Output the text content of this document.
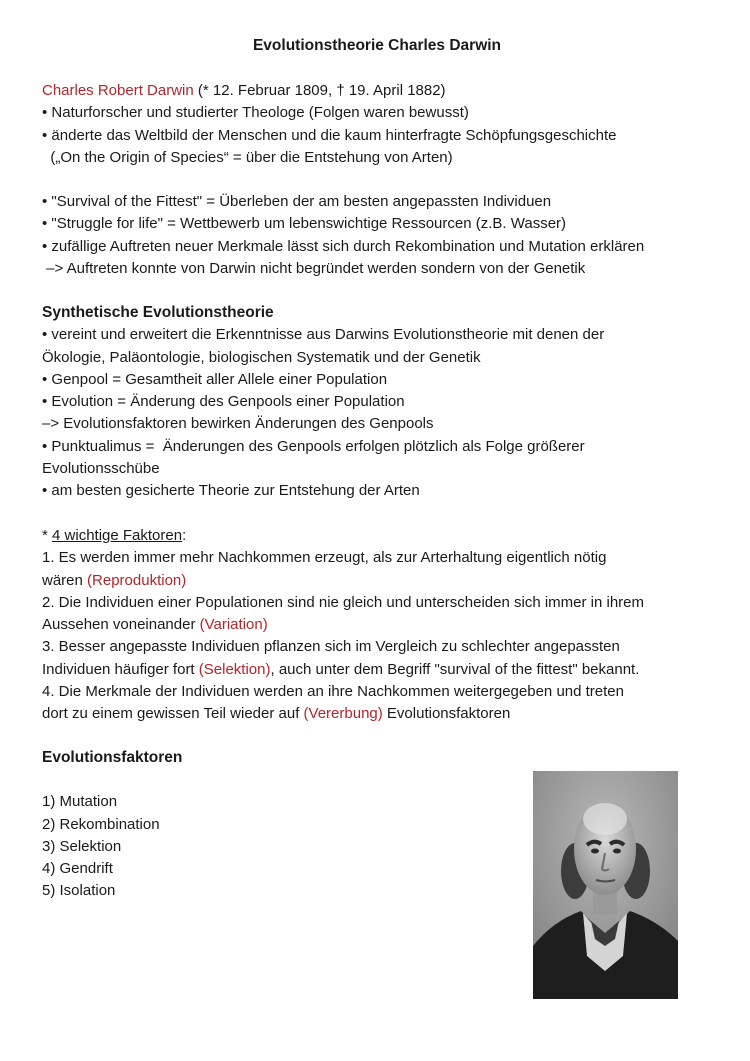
Evolutionstheorie Charles Darwin
Charles Robert Darwin (* 12. Februar 1809, † 19. April 1882)
• Naturforscher und studierter Theologe (Folgen waren bewusst)
• änderte das Weltbild der Menschen und die kaum hinterfragte Schöpfungsgeschichte
(„On the Origin of Species“ = über die Entstehung von Arten)
• "Survival of the Fittest" = Überleben der am besten angepassten Individuen
• "Struggle for life" = Wettbewerb um lebenswichtige Ressourcen (z.B. Wasser)
• zufällige Auftreten neuer Merkmale lässt sich durch Rekombination und Mutation erklären
–> Auftreten konnte von Darwin nicht begründet werden sondern von der Genetik
Synthetische Evolutionstheorie
• vereint und erweitert die Erkenntnisse aus Darwins Evolutionstheorie mit denen der
Ökologie, Paläontologie, biologischen Systematik und der Genetik
• Genpool = Gesamtheit aller Allele einer Population
• Evolution = Änderung des Genpools einer Population
–> Evolutionsfaktoren bewirken Änderungen des Genpools
• Punktualimus =  Änderungen des Genpools erfolgen plötzlich als Folge größerer
Evolutionsschübe
• am besten gesicherte Theorie zur Entstehung der Arten
* 4 wichtige Faktoren:
1. Es werden immer mehr Nachkommen erzeugt, als zur Arterhaltung eigentlich nötig
wären (Reproduktion)
2. Die Individuen einer Populationen sind nie gleich und unterscheiden sich immer in ihrem
Aussehen voneinander (Variation)
3. Besser angepasste Individuen pflanzen sich im Vergleich zu schlechter angepassten
Individuen häufiger fort (Selektion), auch unter dem Begriff "survival of the fittest" bekannt.
4. Die Merkmale der Individuen werden an ihre Nachkommen weitergegeben und treten
dort zu einem gewissen Teil wieder auf (Vererbung) Evolutionsfaktoren
Evolutionsfaktoren
1) Mutation
2) Rekombination
3) Selektion
4) Gendrift
5) Isolation
